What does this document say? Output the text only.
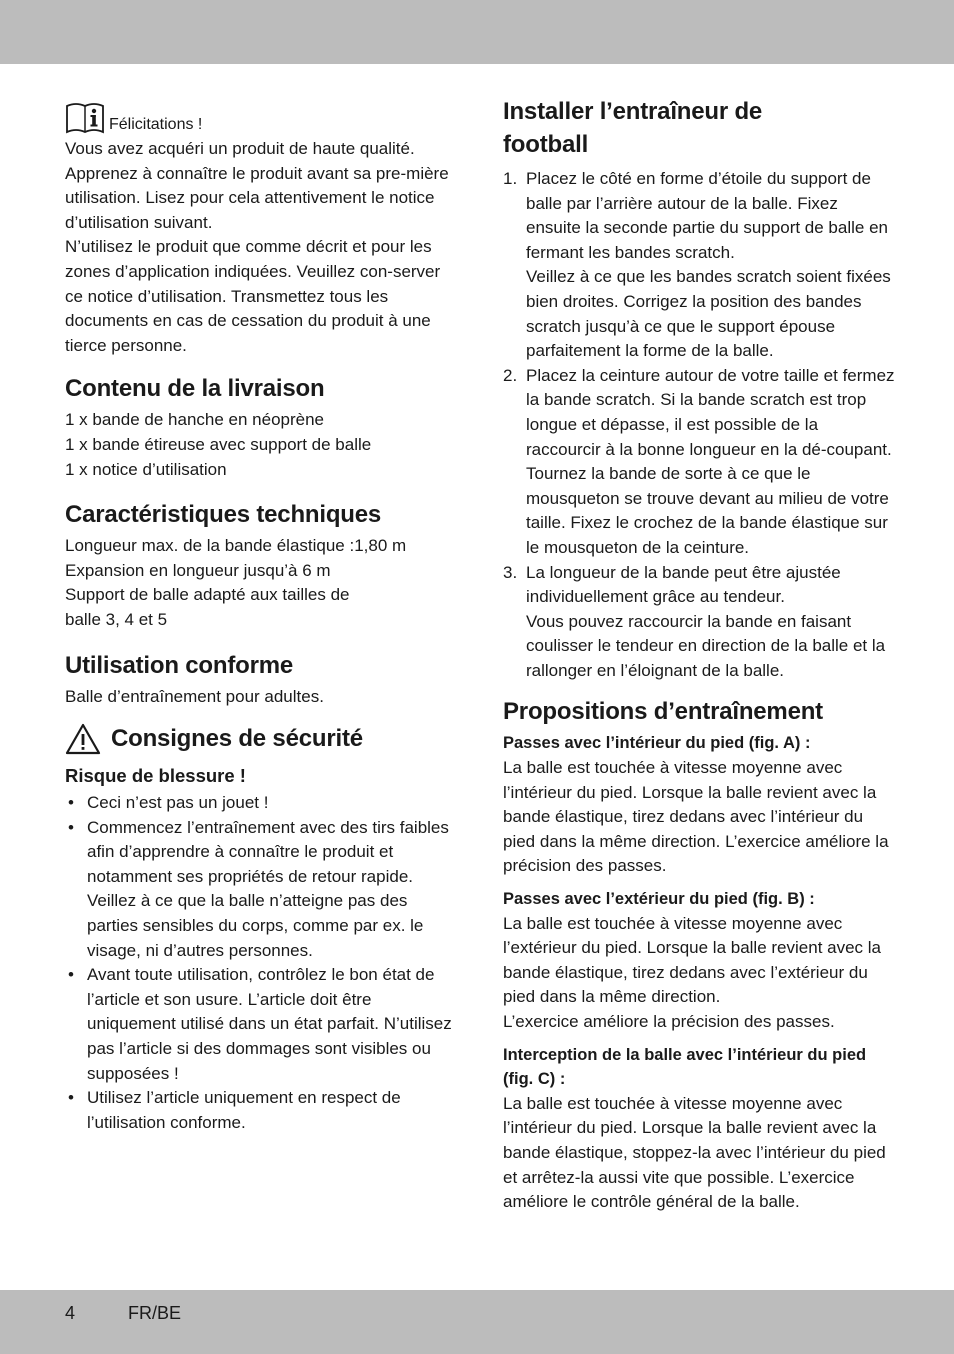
Félicitations !

Vous avez acquéri un produit de haute qualité. Apprenez à connaître le produit avant sa pre-mière utilisation. Lisez pour cela attentivement le notice d’utilisation suivant.

N’utilisez le produit que comme décrit et pour les zones d’application indiquées. Veuillez con-server ce notice d’utilisation. Transmettez tous les documents en cas de cessation du produit à une tierce personne.

Contenu de la livraison

1 x bande de hanche en néoprène

1 x bande étireuse avec support de balle

1 x notice d’utilisation

Caractéristiques techniques

Longueur max. de la bande élastique :1,80 m

Expansion en longueur jusqu’à 6 m

Support de balle adapté aux tailles de

balle 3, 4 et 5

Utilisation conforme

Balle d’entraînement pour adultes.

Consignes de sécurité
Risque de blessure !
• Ceci n’est pas un jouet !
• Commencez l’entraînement avec des tirs faibles afin d’apprendre à connaître le produit et notamment ses propriétés de retour rapide. Veillez à ce que la balle n’atteigne pas des parties sensibles du corps, comme par ex. le visage, ni d’autres personnes.
• Avant toute utilisation, contrôlez le bon état de l’article et son usure. L’article doit être uniquement utilisé dans un état parfait. N’utilisez pas l’article si des dommages sont visibles ou supposées !
• Utilisez l’article uniquement en respect de l’utilisation conforme.
Installer l’entraîneur de
football
1. Placez le côté en forme d’étoile du support de balle par l’arrière autour de la balle. Fixez ensuite la seconde partie du support de balle en fermant les bandes scratch.
Veillez à ce que les bandes scratch soient fixées bien droites. Corrigez la position des bandes scratch jusqu’à ce que le support épouse parfaitement la forme de la balle.
2. Placez la ceinture autour de votre taille et fermez la bande scratch. Si la bande scratch est trop longue et dépasse, il est possible de la raccourcir à la bonne longueur en la dé-coupant. Tournez la bande de sorte à ce que le mousqueton se trouve devant au milieu de votre taille. Fixez le crochez de la bande élastique sur le mousqueton de la ceinture.
3. La longueur de la bande peut être ajustée individuellement grâce au tendeur.
Vous pouvez raccourcir la bande en faisant coulisser le tendeur en direction de la balle et la rallonger en l’éloignant de la balle.
Propositions d’entraînement
Passes avec l’intérieur du pied (fig. A) :

La balle est touchée à vitesse moyenne avec l’intérieur du pied. Lorsque la balle revient avec la bande élastique, tirez dedans avec l’intérieur du pied dans la même direction. L’exercice améliore la précision des passes.

Passes avec l’extérieur du pied (fig. B) :

La balle est touchée à vitesse moyenne avec l’extérieur du pied. Lorsque la balle revient avec la bande élastique, tirez dedans avec l’extérieur du pied dans la même direction.

L’exercice améliore la précision des passes.

Interception de la balle avec l’intérieur du pied (fig. C) :

La balle est touchée à vitesse moyenne avec l’intérieur du pied. Lorsque la balle revient avec la bande élastique, stoppez-la avec l’intérieur du pied et arrêtez-la aussi vite que possible. L’exercice améliore le contrôle général de la balle.

4	FR/BE
